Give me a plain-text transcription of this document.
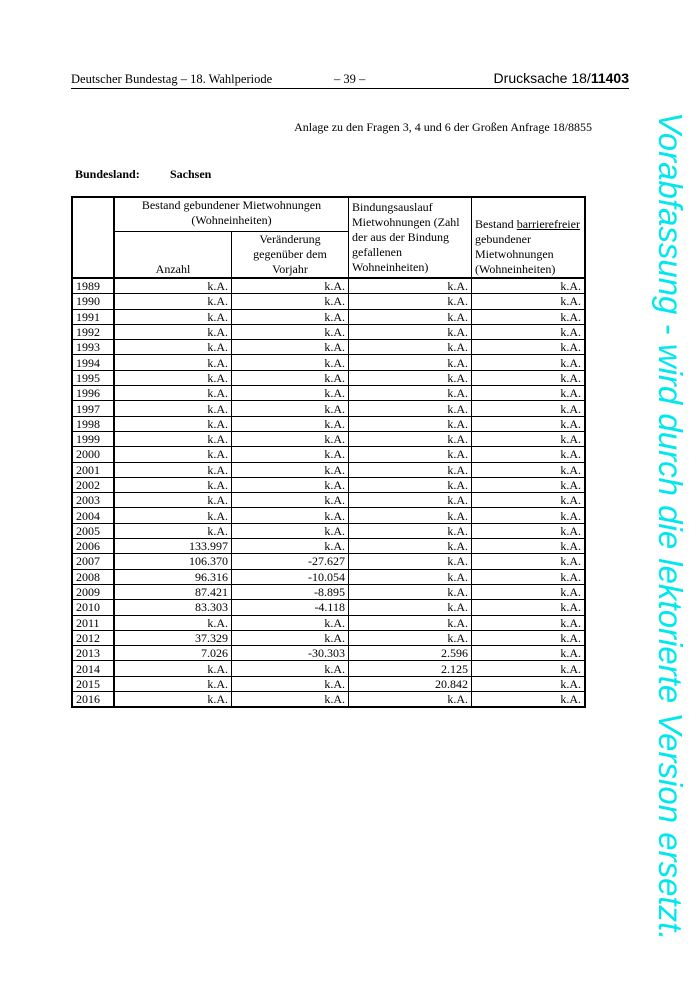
Deutscher Bundestag – 18. Wahlperiode	– 39 –	Drucksache 18/11403
Anlage zu den Fragen 3, 4 und 6 der Großen Anfrage 18/8855
Bundesland:	Sachsen
	Bestand gebundener Mietwohnungen (Wohneinheiten)		Bindungsauslauf Mietwohnungen (Zahl der aus der Bindung gefallenen Wohneinheiten)	Bestand barrierefreier gebundener Mietwohnungen (Wohneinheiten)
	Anzahl	Veränderung gegenüber dem Vorjahr		
1989	k.A.	k.A.	k.A.	k.A.
1990	k.A.	k.A.	k.A.	k.A.
1991	k.A.	k.A.	k.A.	k.A.
1992	k.A.	k.A.	k.A.	k.A.
1993	k.A.	k.A.	k.A.	k.A.
1994	k.A.	k.A.	k.A.	k.A.
1995	k.A.	k.A.	k.A.	k.A.
1996	k.A.	k.A.	k.A.	k.A.
1997	k.A.	k.A.	k.A.	k.A.
1998	k.A.	k.A.	k.A.	k.A.
1999	k.A.	k.A.	k.A.	k.A.
2000	k.A.	k.A.	k.A.	k.A.
2001	k.A.	k.A.	k.A.	k.A.
2002	k.A.	k.A.	k.A.	k.A.
2003	k.A.	k.A.	k.A.	k.A.
2004	k.A.	k.A.	k.A.	k.A.
2005	k.A.	k.A.	k.A.	k.A.
2006	133.997	k.A.	k.A.	k.A.
2007	106.370	-27.627	k.A.	k.A.
2008	96.316	-10.054	k.A.	k.A.
2009	87.421	-8.895	k.A.	k.A.
2010	83.303	-4.118	k.A.	k.A.
2011	k.A.	k.A.	k.A.	k.A.
2012	37.329	k.A.	k.A.	k.A.
2013	7.026	-30.303	2.596	k.A.
2014	k.A.	k.A.	2.125	k.A.
2015	k.A.	k.A.	20.842	k.A.
2016	k.A.	k.A.	k.A.	k.A. Vorabfassung - wird durch die lektorierte Version ersetzt.
